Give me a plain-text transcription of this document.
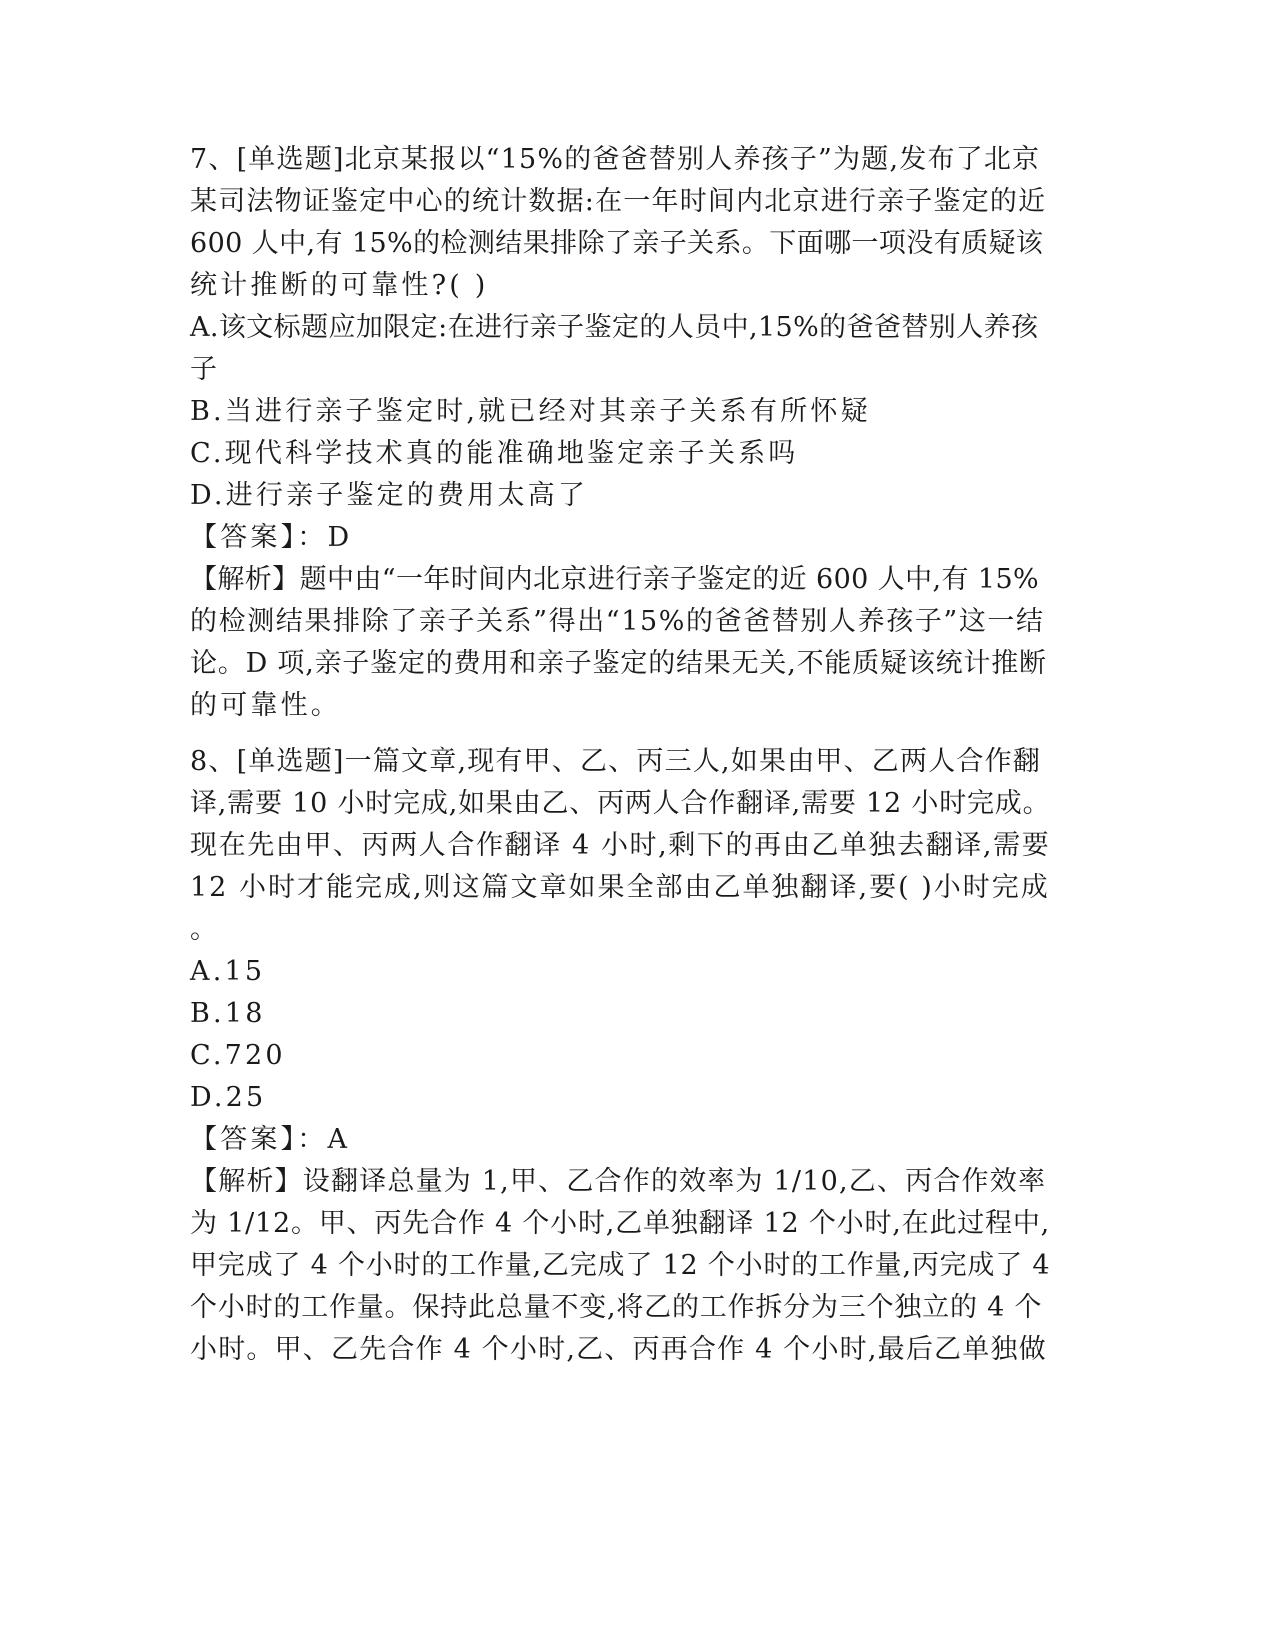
7、[单选题]北京某报以“15%的爸爸替别人养孩子”为题,发布了北京
某司法物证鉴定中心的统计数据:在一年时间内北京进行亲子鉴定的近
600 人中,有 15%的检测结果排除了亲子关系。下面哪一项没有质疑该
统计推断的可靠性?( )
A.该文标题应加限定:在进行亲子鉴定的人员中,15%的爸爸替别人养孩
子
B.当进行亲子鉴定时,就已经对其亲子关系有所怀疑
C.现代科学技术真的能准确地鉴定亲子关系吗
D.进行亲子鉴定的费用太高了
【答案】：D
【解析】题中由“一年时间内北京进行亲子鉴定的近 600 人中,有 15%
的检测结果排除了亲子关系”得出“15%的爸爸替别人养孩子”这一结
论。D 项,亲子鉴定的费用和亲子鉴定的结果无关,不能质疑该统计推断
的可靠性。
8、[单选题]一篇文章,现有甲、乙、丙三人,如果由甲、乙两人合作翻
译,需要 10 小时完成,如果由乙、丙两人合作翻译,需要 12 小时完成。
现在先由甲、丙两人合作翻译 4 小时,剩下的再由乙单独去翻译,需要
12 小时才能完成,则这篇文章如果全部由乙单独翻译,要( )小时完成
。
A.15
B.18
C.720
D.25
【答案】：A
【解析】设翻译总量为 1,甲、乙合作的效率为 1/10,乙、丙合作效率
为 1/12。甲、丙先合作 4 个小时,乙单独翻译 12 个小时,在此过程中,
甲完成了 4 个小时的工作量,乙完成了 12 个小时的工作量,丙完成了 4
个小时的工作量。保持此总量不变,将乙的工作拆分为三个独立的 4 个
小时。甲、乙先合作 4 个小时,乙、丙再合作 4 个小时,最后乙单独做
